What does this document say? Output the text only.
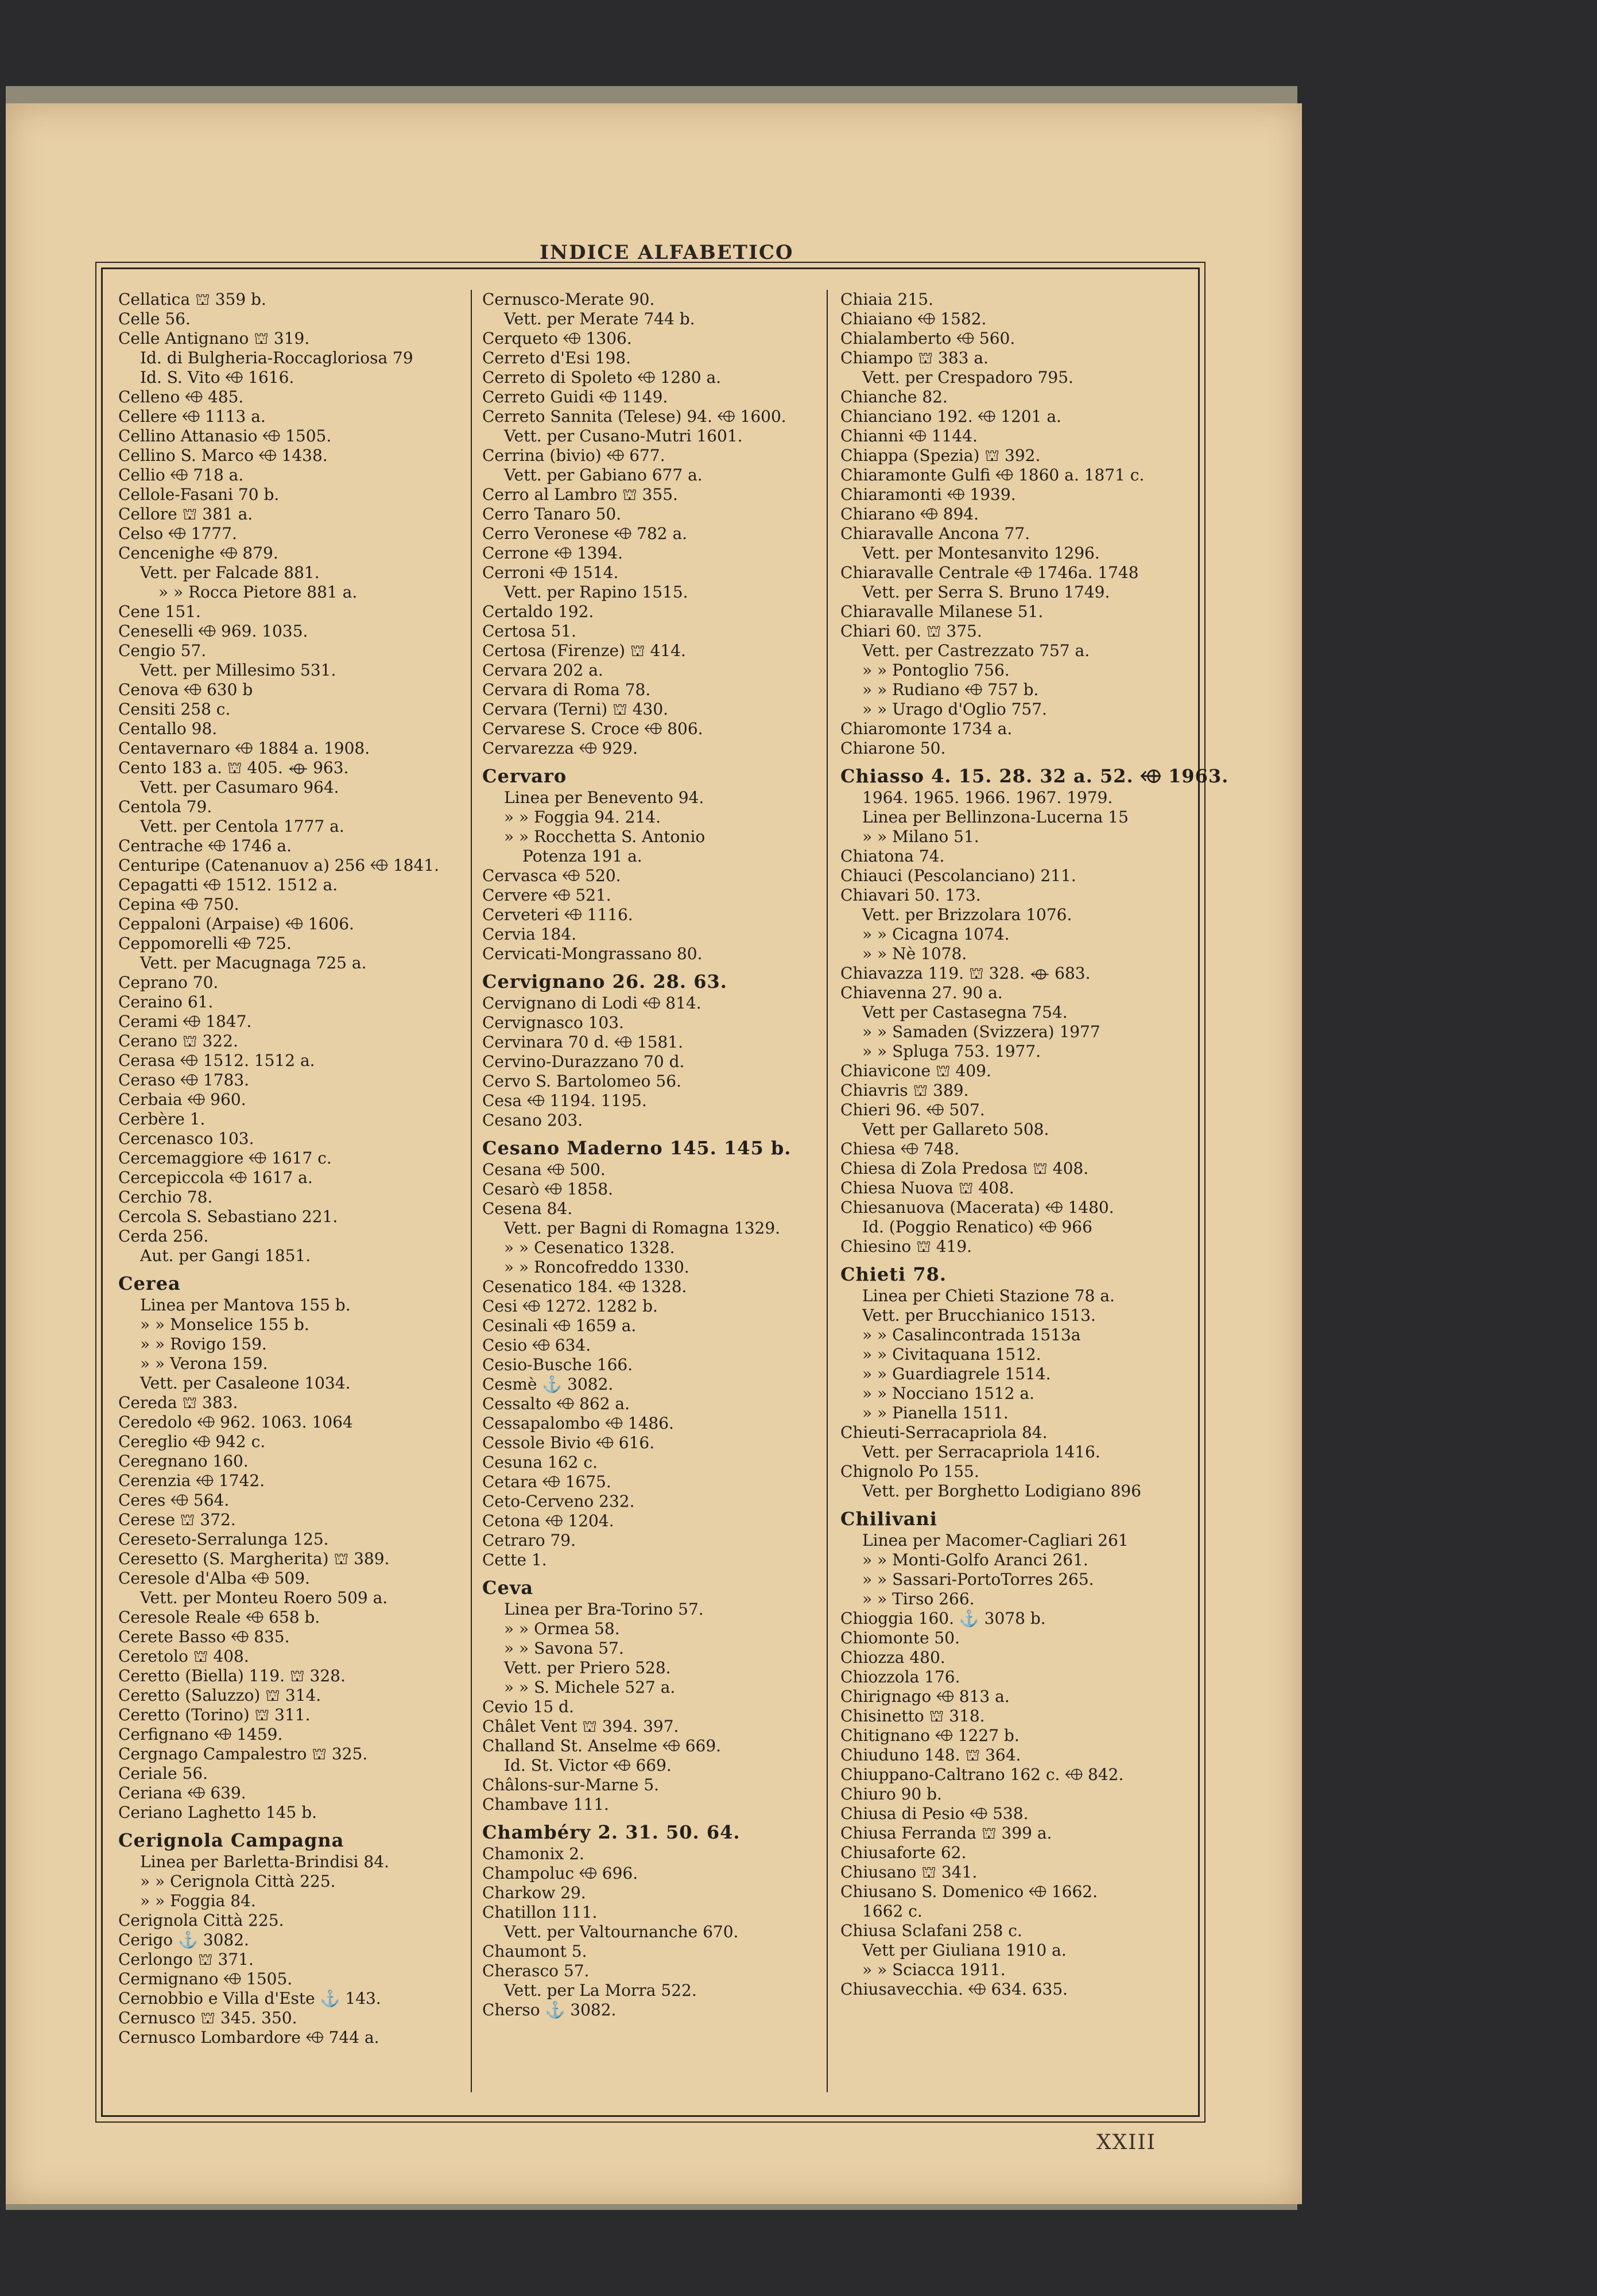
INDICE ALFABETICO
Cellatica ⛫ 359 b.
Celle 56.
Celle Antignano ⛫ 319.
Id. di Bulgheria-Roccagloriosa 79
Id. S. Vito ⬲ 1616.
Celleno ⬲ 485.
Cellere ⬲ 1113 a.
Cellino Attanasio ⬲ 1505.
Cellino S. Marco ⬲ 1438.
Cellio ⬲ 718 a.
Cellole-Fasani 70 b.
Cellore ⛫ 381 a.
Celso ⬲ 1777.
Cencenighe ⬲ 879.
Vett. per Falcade 881.
» » Rocca Pietore 881 a.
Cene 151.
Ceneselli ⬲ 969. 1035.
Cengio 57.
Vett. per Millesimo 531.
Cenova ⬲ 630 b
Censiti 258 c.
Centallo 98.
Centavernaro ⬲ 1884 a. 1908.
Cento 183 a. ⛫ 405. ⬲ 963.
Vett. per Casumaro 964.
Centola 79.
Vett. per Centola 1777 a.
Centrache ⬲ 1746 a.
Centuripe (Catenanuov a) 256 ⬲ 1841.
Cepagatti ⬲ 1512. 1512 a.
Cepina ⬲ 750.
Ceppaloni (Arpaise) ⬲ 1606.
Ceppomorelli ⬲ 725.
Vett. per Macugnaga 725 a.
Ceprano 70.
Ceraino 61.
Cerami ⬲ 1847.
Cerano ⛫ 322.
Cerasa ⬲ 1512. 1512 a.
Ceraso ⬲ 1783.
Cerbaia ⬲ 960.
Cerbère 1.
Cercenasco 103.
Cercemaggiore ⬲ 1617 c.
Cercepiccola ⬲ 1617 a.
Cerchio 78.
Cercola S. Sebastiano 221.
Cerda 256.
Aut. per Gangi 1851.
Cerea
Linea per Mantova 155 b.
» » Monselice 155 b.
» » Rovigo 159.
» » Verona 159.
Vett. per Casaleone 1034.
Cereda ⛫ 383.
Ceredolo ⬲ 962. 1063. 1064
Cereglio ⬲ 942 c.
Ceregnano 160.
Cerenzia ⬲ 1742.
Ceres ⬲ 564.
Cerese ⛫ 372.
Cereseto-Serralunga 125.
Ceresetto (S. Margherita) ⛫ 389.
Ceresole d'Alba ⬲ 509.
Vett. per Monteu Roero 509 a.
Ceresole Reale ⬲ 658 b.
Cerete Basso ⬲ 835.
Ceretolo ⛫ 408.
Ceretto (Biella) 119. ⛫ 328.
Ceretto (Saluzzo) ⛫ 314.
Ceretto (Torino) ⛫ 311.
Cerfignano ⬲ 1459.
Cergnago Campalestro ⛫ 325.
Ceriale 56.
Ceriana ⬲ 639.
Ceriano Laghetto 145 b.
Cerignola Campagna
Linea per Barletta-Brindisi 84.
» » Cerignola Città 225.
» » Foggia 84.
Cerignola Città 225.
Cerigo ⚓ 3082.
Cerlongo ⛫ 371.
Cermignano ⬲ 1505.
Cernobbio e Villa d'Este ⚓ 143.
Cernusco ⛫ 345. 350.
Cernusco Lombardore ⬲ 744 a.
Cernusco-Merate 90.
Vett. per Merate 744 b.
Cerqueto ⬲ 1306.
Cerreto d'Esi 198.
Cerreto di Spoleto ⬲ 1280 a.
Cerreto Guidi ⬲ 1149.
Cerreto Sannita (Telese) 94. ⬲ 1600.
Vett. per Cusano-Mutri 1601.
Cerrina (bivio) ⬲ 677.
Vett. per Gabiano 677 a.
Cerro al Lambro ⛫ 355.
Cerro Tanaro 50.
Cerro Veronese ⬲ 782 a.
Cerrone ⬲ 1394.
Cerroni ⬲ 1514.
Vett. per Rapino 1515.
Certaldo 192.
Certosa 51.
Certosa (Firenze) ⛫ 414.
Cervara 202 a.
Cervara di Roma 78.
Cervara (Terni) ⛫ 430.
Cervarese S. Croce ⬲ 806.
Cervarezza ⬲ 929.
Cervaro
Linea per Benevento 94.
» » Foggia 94. 214.
» » Rocchetta S. Antonio
Potenza 191 a.
Cervasca ⬲ 520.
Cervere ⬲ 521.
Cerveteri ⬲ 1116.
Cervia 184.
Cervicati-Mongrassano 80.
Cervignano 26. 28. 63.
Cervignano di Lodi ⬲ 814.
Cervignasco 103.
Cervinara 70 d. ⬲ 1581.
Cervino-Durazzano 70 d.
Cervo S. Bartolomeo 56.
Cesa ⬲ 1194. 1195.
Cesano 203.
Cesano Maderno 145. 145 b.
Cesana ⬲ 500.
Cesarò ⬲ 1858.
Cesena 84.
Vett. per Bagni di Romagna 1329.
» » Cesenatico 1328.
» » Roncofreddo 1330.
Cesenatico 184. ⬲ 1328.
Cesi ⬲ 1272. 1282 b.
Cesinali ⬲ 1659 a.
Cesio ⬲ 634.
Cesio-Busche 166.
Cesmè ⚓ 3082.
Cessalto ⬲ 862 a.
Cessapalombo ⬲ 1486.
Cessole Bivio ⬲ 616.
Cesuna 162 c.
Cetara ⬲ 1675.
Ceto-Cerveno 232.
Cetona ⬲ 1204.
Cetraro 79.
Cette 1.
Ceva
Linea per Bra-Torino 57.
» » Ormea 58.
» » Savona 57.
Vett. per Priero 528.
» » S. Michele 527 a.
Cevio 15 d.
Châlet Vent ⛫ 394. 397.
Challand St. Anselme ⬲ 669.
Id. St. Victor ⬲ 669.
Châlons-sur-Marne 5.
Chambave 111.
Chambéry 2. 31. 50. 64.
Chamonix 2.
Champoluc ⬲ 696.
Charkow 29.
Chatillon 111.
Vett. per Valtournanche 670.
Chaumont 5.
Cherasco 57.
Vett. per La Morra 522.
Cherso ⚓ 3082.
Chiaia 215.
Chiaiano ⬲ 1582.
Chialamberto ⬲ 560.
Chiampo ⛫ 383 a.
Vett. per Crespadoro 795.
Chianche 82.
Chianciano 192. ⬲ 1201 a.
Chianni ⬲ 1144.
Chiappa (Spezia) ⛫ 392.
Chiaramonte Gulfi ⬲ 1860 a. 1871 c.
Chiaramonti ⬲ 1939.
Chiarano ⬲ 894.
Chiaravalle Ancona 77.
Vett. per Montesanvito 1296.
Chiaravalle Centrale ⬲ 1746a. 1748
Vett. per Serra S. Bruno 1749.
Chiaravalle Milanese 51.
Chiari 60. ⛫ 375.
Vett. per Castrezzato 757 a.
» » Pontoglio 756.
» » Rudiano ⬲ 757 b.
» » Urago d'Oglio 757.
Chiaromonte 1734 a.
Chiarone 50.
Chiasso 4. 15. 28. 32 a. 52. ⬲ 1963.
1964. 1965. 1966. 1967. 1979.
Linea per Bellinzona-Lucerna 15
» » Milano 51.
Chiatona 74.
Chiauci (Pescolanciano) 211.
Chiavari 50. 173.
Vett. per Brizzolara 1076.
» » Cicagna 1074.
» » Nè 1078.
Chiavazza 119. ⛫ 328. ⬲ 683.
Chiavenna 27. 90 a.
Vett per Castasegna 754.
» » Samaden (Svizzera) 1977
» » Spluga 753. 1977.
Chiavicone ⛫ 409.
Chiavris ⛫ 389.
Chieri 96. ⬲ 507.
Vett per Gallareto 508.
Chiesa ⬲ 748.
Chiesa di Zola Predosa ⛫ 408.
Chiesa Nuova ⛫ 408.
Chiesanuova (Macerata) ⬲ 1480.
Id. (Poggio Renatico) ⬲ 966
Chiesino ⛫ 419.
Chieti 78.
Linea per Chieti Stazione 78 a.
Vett. per Brucchianico 1513.
» » Casalincontrada 1513a
» » Civitaquana 1512.
» » Guardiagrele 1514.
» » Nocciano 1512 a.
» » Pianella 1511.
Chieuti-Serracapriola 84.
Vett. per Serracapriola 1416.
Chignolo Po 155.
Vett. per Borghetto Lodigiano 896
Chilivani
Linea per Macomer-Cagliari 261
» » Monti-Golfo Aranci 261.
» » Sassari-PortoTorres 265.
» » Tirso 266.
Chioggia 160. ⚓ 3078 b.
Chiomonte 50.
Chiozza 480.
Chiozzola 176.
Chirignago ⬲ 813 a.
Chisinetto ⛫ 318.
Chitignano ⬲ 1227 b.
Chiuduno 148. ⛫ 364.
Chiuppano-Caltrano 162 c. ⬲ 842.
Chiuro 90 b.
Chiusa di Pesio ⬲ 538.
Chiusa Ferranda ⛫ 399 a.
Chiusaforte 62.
Chiusano ⛫ 341.
Chiusano S. Domenico ⬲ 1662.
1662 c.
Chiusa Sclafani 258 c.
Vett per Giuliana 1910 a.
» » Sciacca 1911.
Chiusavecchia. ⬲ 634. 635.
XXIII
